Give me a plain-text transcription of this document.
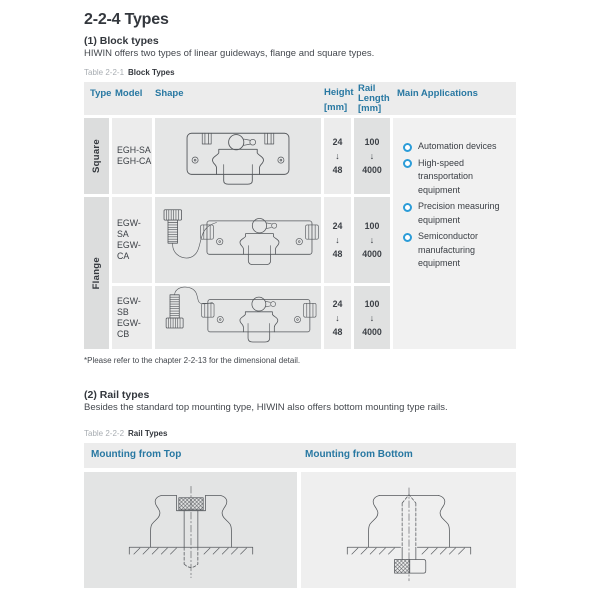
2-2-4 Types
(1) Block types
HIWIN offers two types of linear guideways, flange and square types.
Table 2-2-1 Block Types
Type Model Shape	Height
[mm]
Rail
Length
[mm]
Main Applications
Square
Flange
EGH-SA
EGH-CA
24
↓
48
100
↓
4000
Automation devices
High-speed transportation equipment
Precision measuring equipment
Semiconductor manufacturing equipment
EGW-SA
EGW-CA
24
↓
48
100
↓
4000
EGW-SB
EGW-CB
24
↓
48
100
↓
4000
*Please refer to the chapter 2-2-13 for the dimensional detail.
(2) Rail types
Besides the standard top mounting type, HIWIN also offers bottom mounting type rails.
Table 2-2-2 Rail Types
Mounting from Top	Mounting from Bottom
